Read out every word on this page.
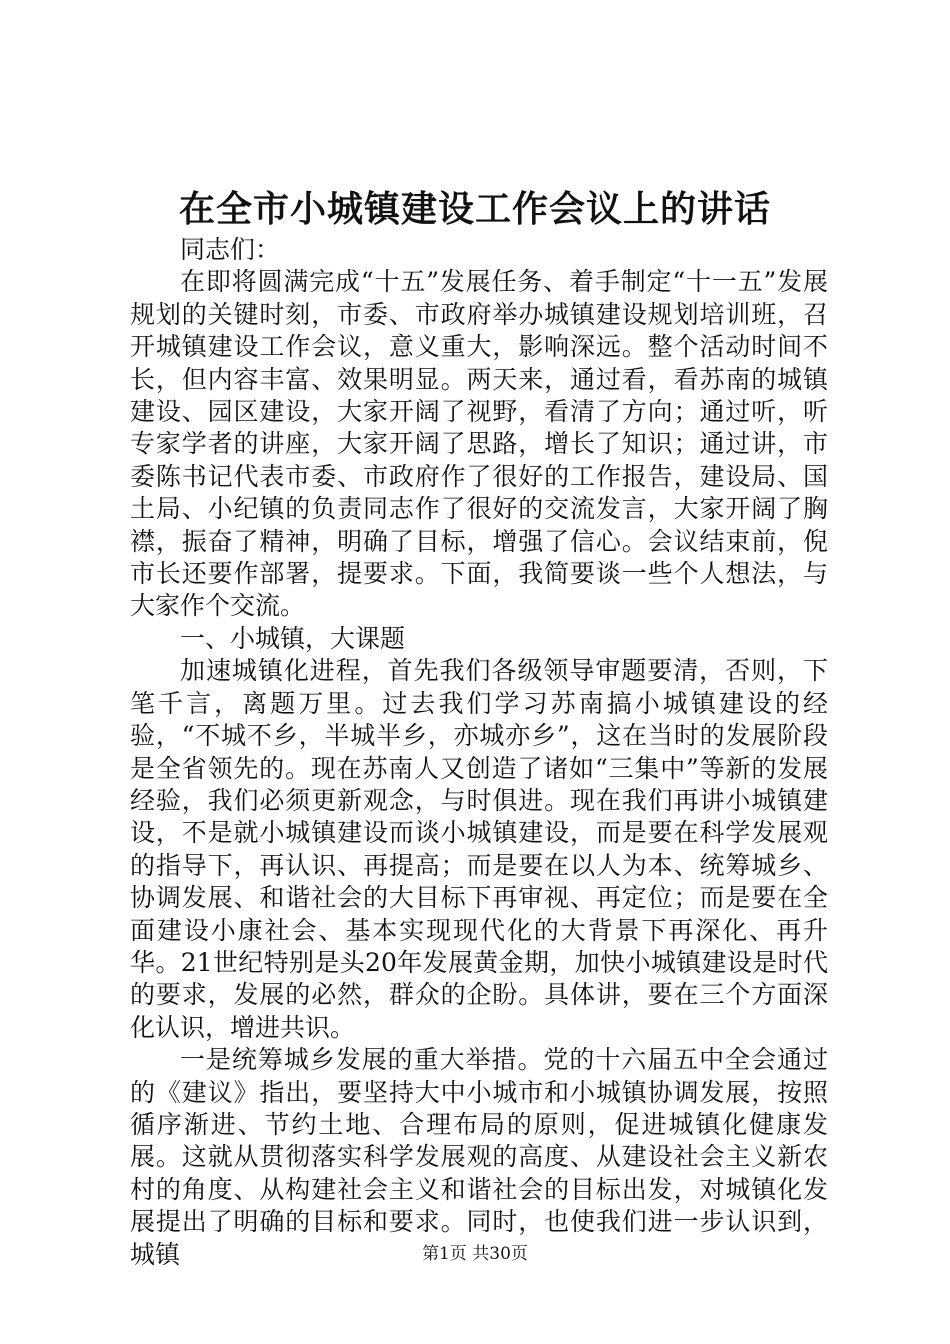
在全市小城镇建设工作会议上的讲话

同志们：

在即将圆满完成“十五”发展任务、着手制定“十一五”发展规划的关键时刻，市委、市政府举办城镇建设规划培训班，召开城镇建设工作会议，意义重大，影响深远。整个活动时间不长，但内容丰富、效果明显。两天来，通过看，看苏南的城镇建设、园区建设，大家开阔了视野，看清了方向；通过听，听专家学者的讲座，大家开阔了思路，增长了知识；通过讲，市委陈书记代表市委、市政府作了很好的工作报告，建设局、国土局、小纪镇的负责同志作了很好的交流发言，大家开阔了胸襟，振奋了精神，明确了目标，增强了信心。会议结束前，倪市长还要作部署，提要求。下面，我简要谈一些个人想法，与大家作个交流。

一、小城镇，大课题

加速城镇化进程，首先我们各级领导审题要清，否则，下笔千言，离题万里。过去我们学习苏南搞小城镇建设的经验，“不城不乡，半城半乡，亦城亦乡”，这在当时的发展阶段是全省领先的。现在苏南人又创造了诸如“三集中”等新的发展经验，我们必须更新观念，与时俱进。现在我们再讲小城镇建设，不是就小城镇建设而谈小城镇建设，而是要在科学发展观的指导下，再认识、再提高；而是要在以人为本、统筹城乡、协调发展、和谐社会的大目标下再审视、再定位；而是要在全面建设小康社会、基本实现现代化的大背景下再深化、再升华。21世纪特别是头20年发展黄金期，加快小城镇建设是时代的要求，发展的必然，群众的企盼。具体讲，要在三个方面深化认识，增进共识。

一是统筹城乡发展的重大举措。党的十六届五中全会通过的《建议》指出，要坚持大中小城市和小城镇协调发展，按照循序渐进、节约土地、合理布局的原则，促进城镇化健康发展。这就从贯彻落实科学发展观的高度、从建设社会主义新农村的角度、从构建社会主义和谐社会的目标出发，对城镇化发展提出了明确的目标和要求。同时，也使我们进一步认识到，城镇	第1页 共30页
